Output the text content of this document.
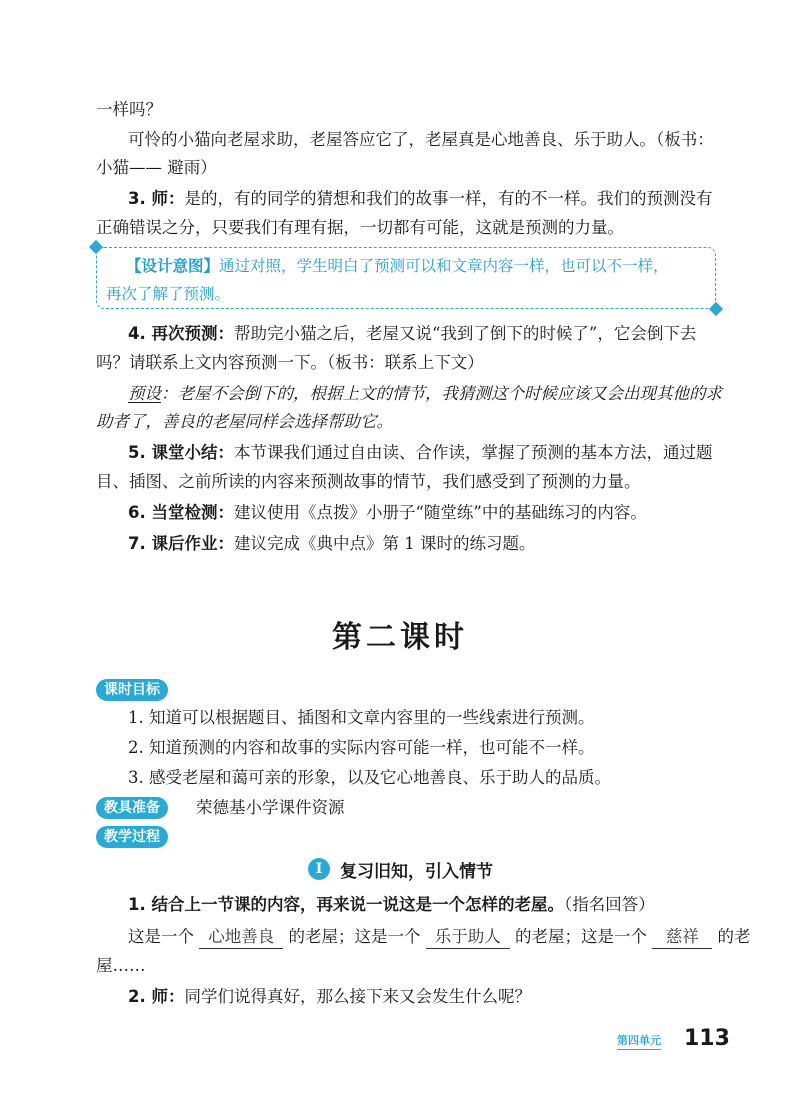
一样吗？
可怜的小猫向老屋求助，老屋答应它了，老屋真是心地善良、乐于助人。（板书：
小猫—— 避雨）
3. 师：是的，有的同学的猜想和我们的故事一样，有的不一样。我们的预测没有
正确错误之分，只要我们有理有据，一切都有可能，这就是预测的力量。
【设计意图】通过对照，学生明白了预测可以和文章内容一样，也可以不一样，
再次了解了预测。
4. 再次预测：帮助完小猫之后，老屋又说“我到了倒下的时候了”，它会倒下去
吗？请联系上文内容预测一下。（板书：联系上下文）
预设：老屋不会倒下的，根据上文的情节，我猜测这个时候应该又会出现其他的求
助者了，善良的老屋同样会选择帮助它。
5. 课堂小结：本节课我们通过自由读、合作读，掌握了预测的基本方法，通过题
目、插图、之前所读的内容来预测故事的情节，我们感受到了预测的力量。
6. 当堂检测：建议使用《点拨》小册子“随堂练”中的基础练习的内容。
7. 课后作业：建议完成《典中点》第 1 课时的练习题。
第二课时
课时目标
1. 知道可以根据题目、插图和文章内容里的一些线索进行预测。
2. 知道预测的内容和故事的实际内容可能一样，也可能不一样。
3. 感受老屋和蔼可亲的形象，以及它心地善良、乐于助人的品质。
教具准备	荣德基小学课件资源
教学过程
I	复习旧知，引入情节
1. 结合上一节课的内容，再来说一说这是一个怎样的老屋。（指名回答）
这是一个 心地善良 的老屋；这是一个 乐于助人 的老屋；这是一个 慈祥 的老
屋……
2. 师：同学们说得真好，那么接下来又会发生什么呢？
第四单元 113
